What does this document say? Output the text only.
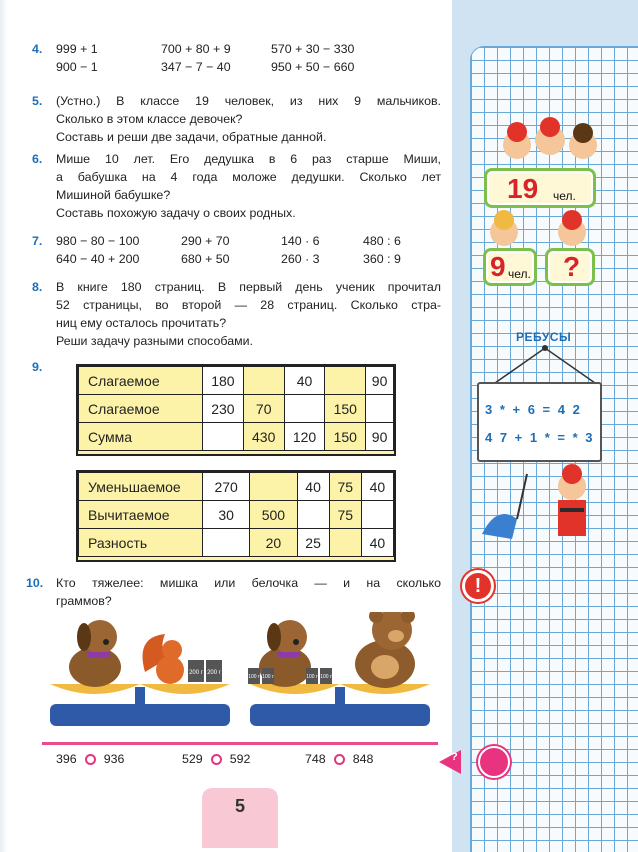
4. 999 + 1	700 + 80 + 9	570 + 30 − 330
900 − 1	347 − 7 − 40	950 + 50 − 660
5. (Устно.) В классе 19 человек, из них 9 мальчиков.
Сколько в этом классе девочек?
Составь и реши две задачи, обратные данной.
6. Мише 10 лет. Его дедушка в 6 раз старше Миши,
а бабушка на 4 года моложе дедушки. Сколько лет
Мишиной бабушке?
Составь похожую задачу о своих родных.
7. 980 − 80 − 100	290 + 70	140 · 6	480 : 6
640 − 40 + 200	680 + 50	260 · 3	360 : 9
8. В книге 180 страниц. В первый день ученик прочитал
52 страницы, во второй — 28 страниц. Сколько стра-
ниц ему осталось прочитать?
Реши задачу разными способами.
9.
Слагаемое	180		40		90
Слагаемое	230	70		150	
Сумма		430	120	150	90
Уменьшаемое	270		40	75	40
Вычитаемое	30	500		75	
Разность		20	25		40
10. Кто тяжелее: мишка или белочка — и на сколько
граммов?
200 г 200 г
100 г 100 г	100 г 100 г
396 936	529 592	748 848
5
19 чел.
9 чел. ?
РЕБУСЫ
3 * + 6 = 4 2
4 7 + 1 * = * 3
!
?
